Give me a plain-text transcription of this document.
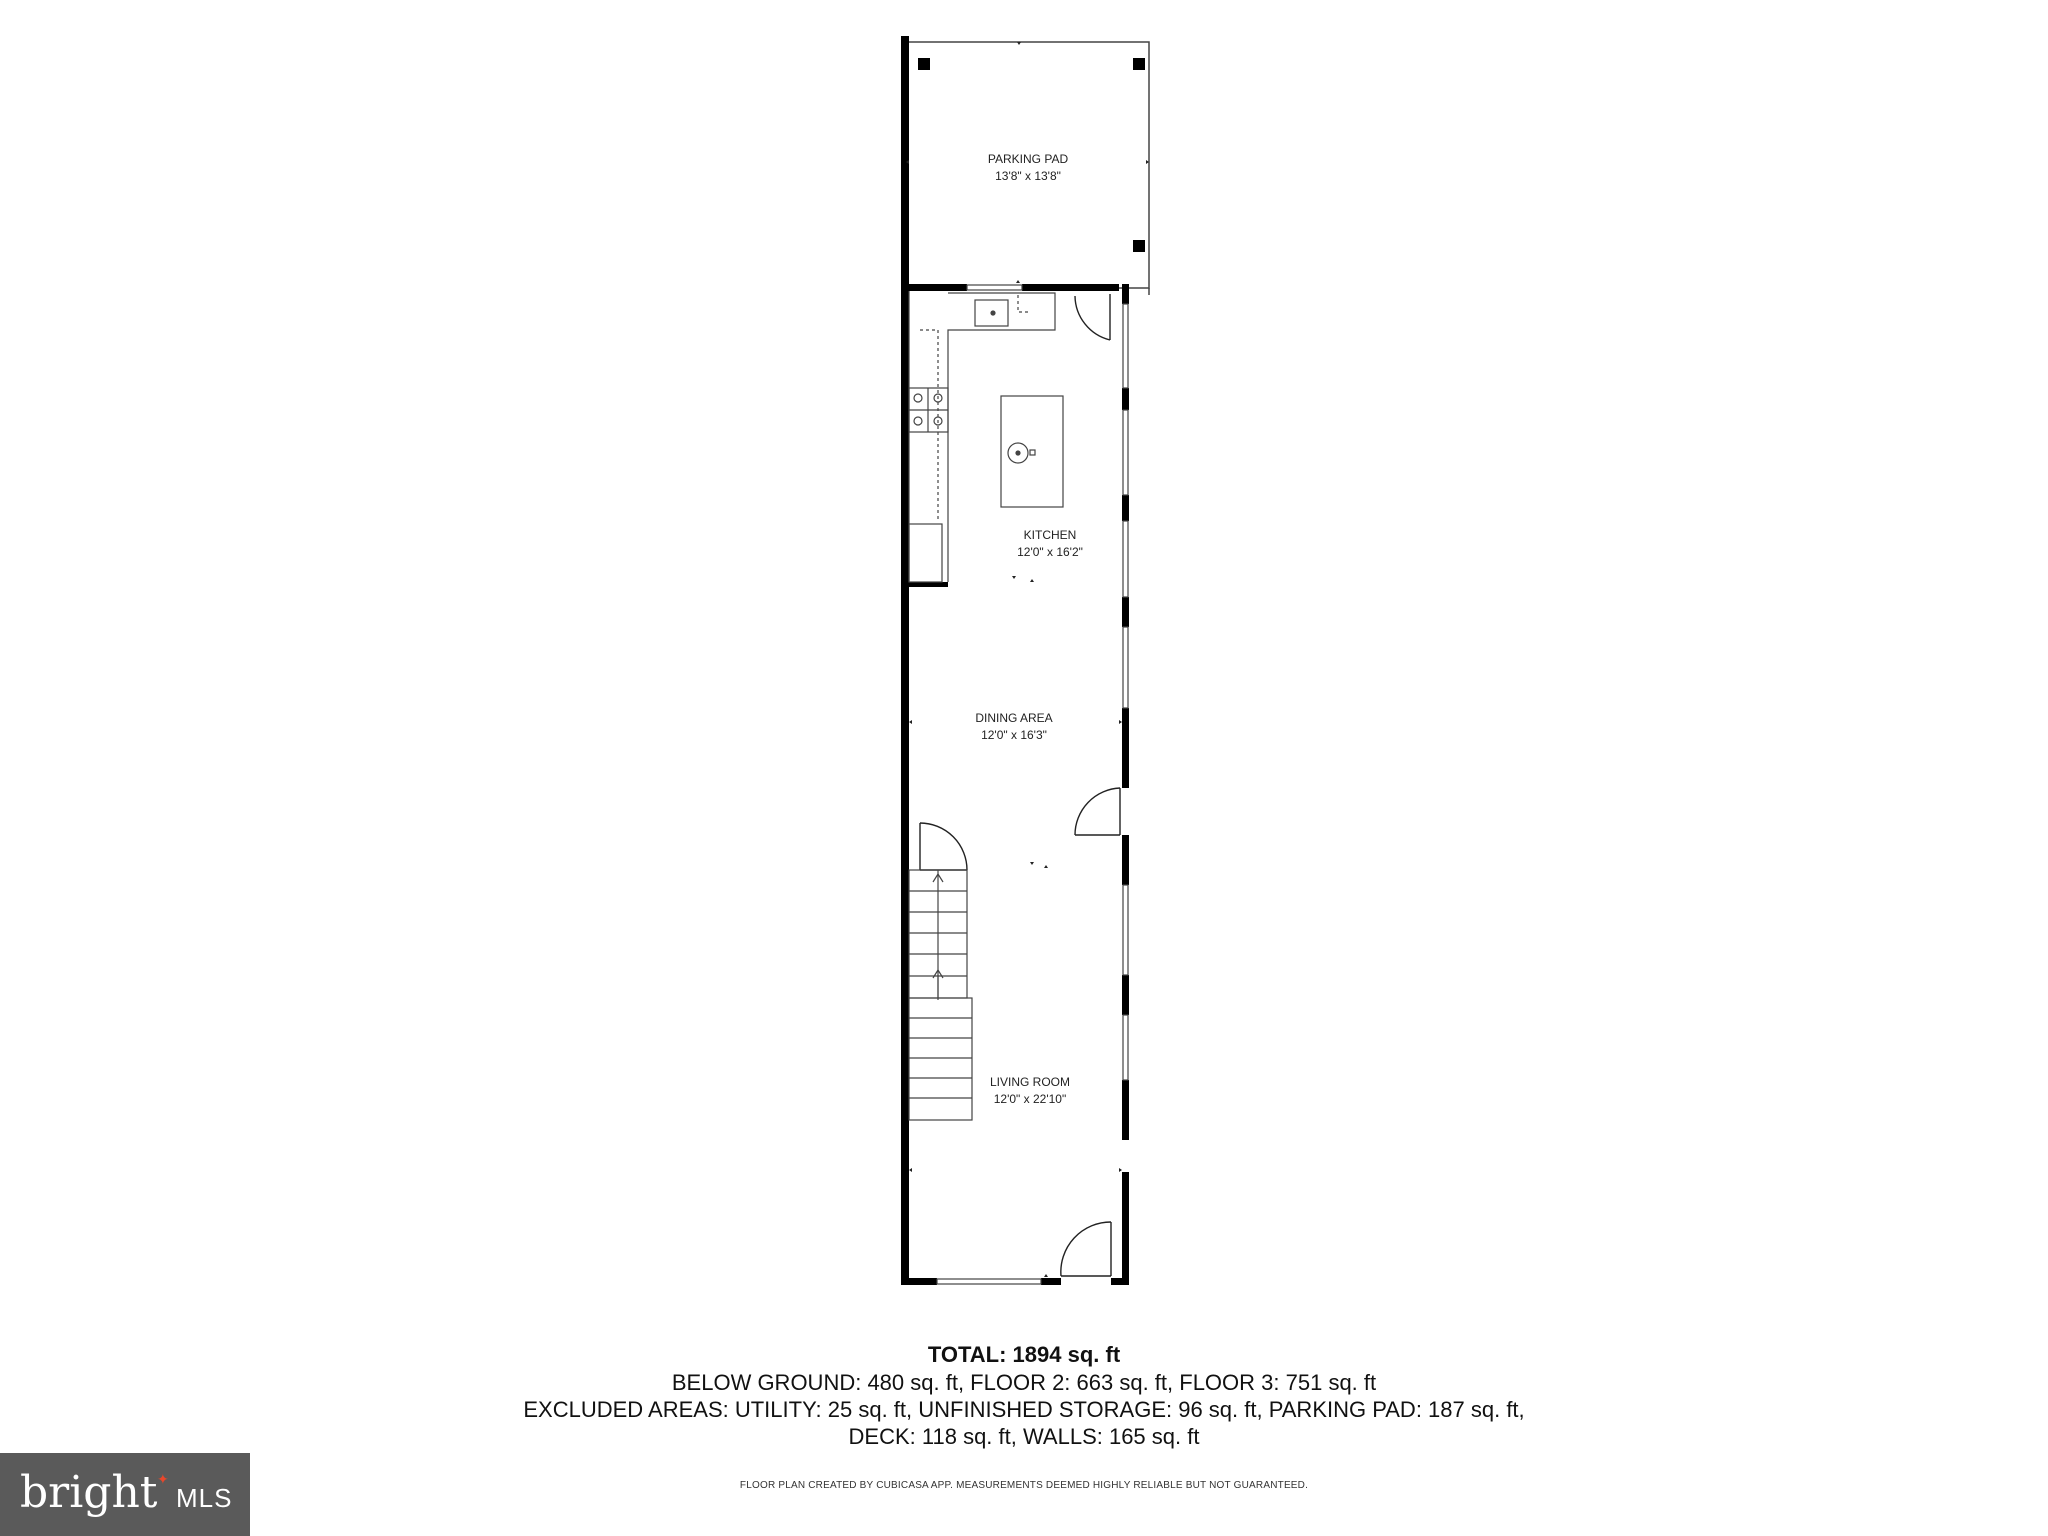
PARKING PAD
13'8" x 13'8"
KITCHEN
12'0" x 16'2"
DINING AREA
12'0" x 16'3"
LIVING ROOM
12'0" x 22'10"
TOTAL: 1894 sq. ft
BELOW GROUND: 480 sq. ft, FLOOR 2: 663 sq. ft, FLOOR 3: 751 sq. ft
EXCLUDED AREAS: UTILITY: 25 sq. ft, UNFINISHED STORAGE: 96 sq. ft, PARKING PAD: 187 sq. ft,
DECK: 118 sq. ft, WALLS: 165 sq. ft
FLOOR PLAN CREATED BY CUBICASA APP. MEASUREMENTS DEEMED HIGHLY RELIABLE BUT NOT GUARANTEED.
bright ✦
MLS
